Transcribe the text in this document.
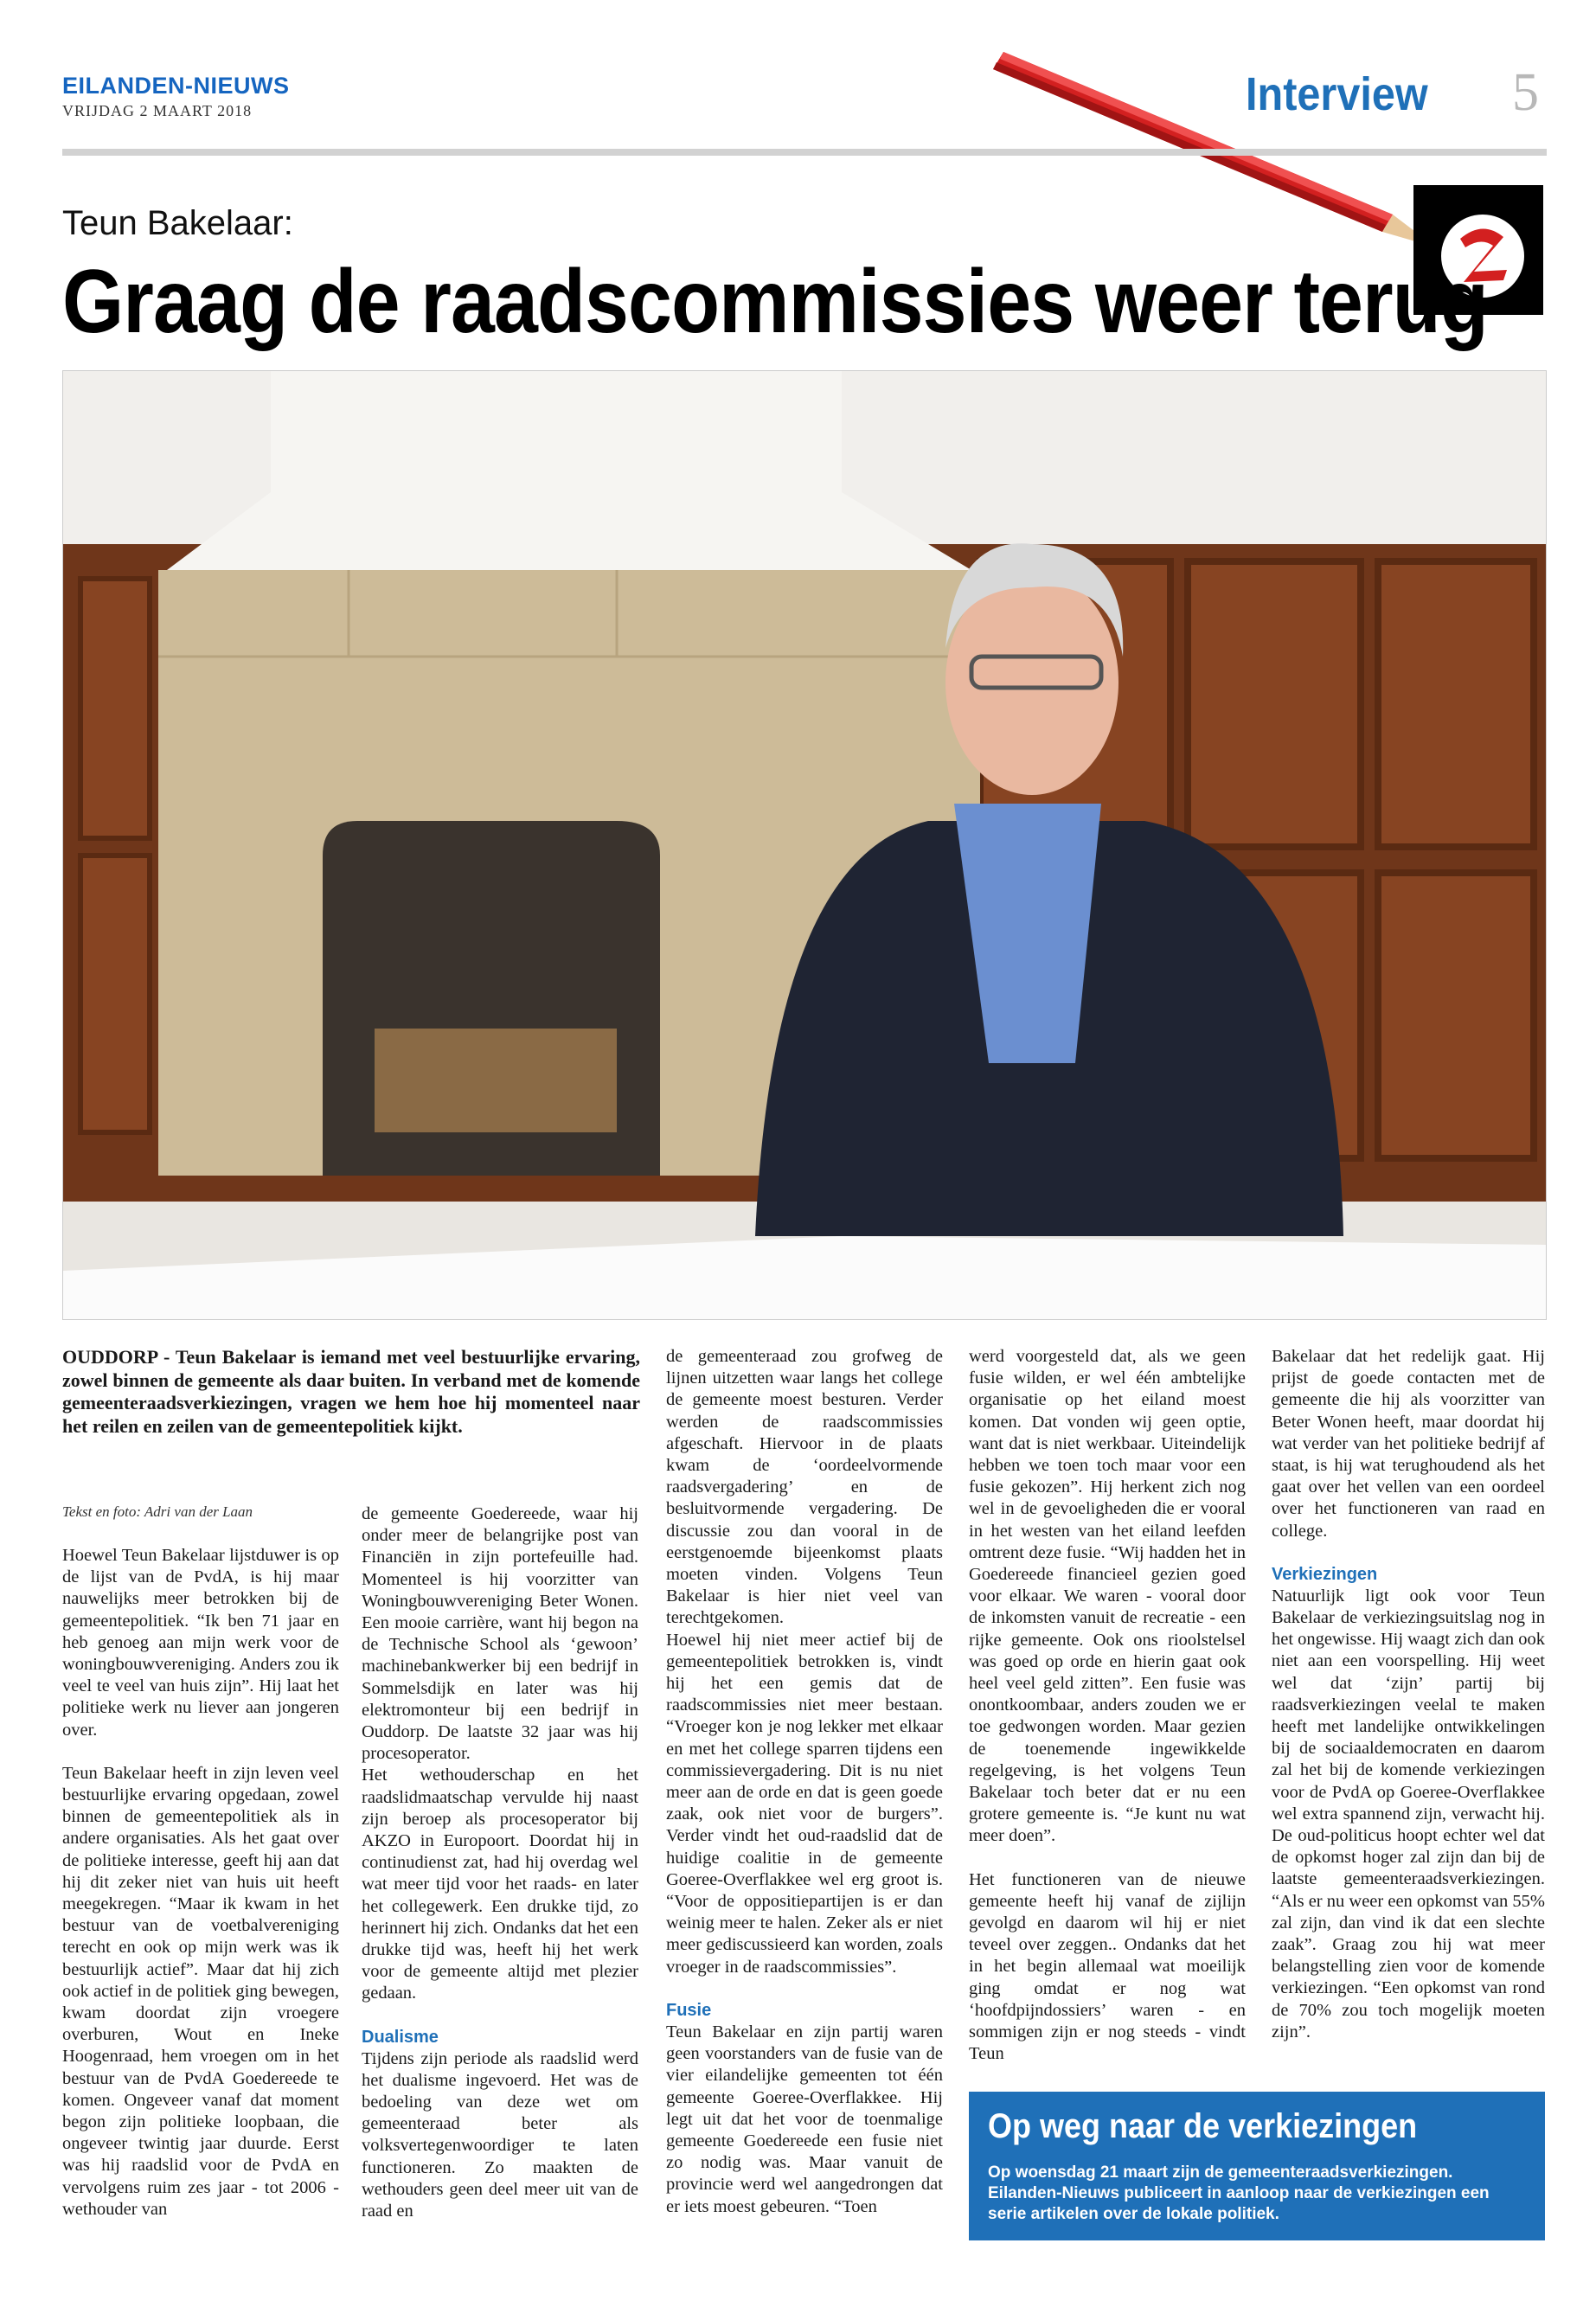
EILANDEN-NIEUWS
VRIJDAG 2 MAART 2018	Interview 5
Teun Bakelaar:
Graag de raadscommissies weer terug
OUDDORP - Teun Bakelaar is iemand met veel bestuurlijke ervaring, zowel binnen de gemeente als daar buiten. In verband met de komende gemeenteraadsverkiezingen, vragen we hem hoe hij momenteel naar het reilen en zeilen van de gemeentepolitiek kijkt.
Tekst en foto: Adri van der Laan

Hoewel Teun Bakelaar lijstduwer is op de lijst van de PvdA, is hij maar nauwelijks meer betrokken bij de gemeentepolitiek. “Ik ben 71 jaar en heb genoeg aan mijn werk voor de woningbouwvereniging. Anders zou ik veel te veel van huis zijn”. Hij laat het politieke werk nu liever aan jongeren over.

Teun Bakelaar heeft in zijn leven veel bestuurlijke ervaring opgedaan, zowel binnen de gemeentepolitiek als in andere organisaties. Als het gaat over de politieke interesse, geeft hij aan dat hij dit zeker niet van huis uit heeft meegekregen. “Maar ik kwam in het bestuur van de voetbalvereniging terecht en ook op mijn werk was ik bestuurlijk actief”. Maar dat hij zich ook actief in de politiek ging bewegen, kwam doordat zijn vroegere overburen, Wout en Ineke Hoogenraad, hem vroegen om in het bestuur van de PvdA Goedereede te komen. Ongeveer vanaf dat moment begon zijn politieke loopbaan, die ongeveer twintig jaar duurde. Eerst was hij raadslid voor de PvdA en vervolgens ruim zes jaar - tot 2006 - wethouder van

de gemeente Goedereede, waar hij onder meer de belangrijke post van Financiën in zijn portefeuille had. Momenteel is hij voorzitter van Woningbouwvereniging Beter Wonen. Een mooie carrière, want hij begon na de Technische School als ‘gewoon’ machinebankwerker bij een bedrijf in Sommelsdijk en later was hij elektromonteur bij een bedrijf in Ouddorp. De laatste 32 jaar was hij procesoperator.

Het wethouderschap en het raadslidmaatschap vervulde hij naast zijn beroep als procesoperator bij AKZO in Europoort. Doordat hij in continudienst zat, had hij overdag wel wat meer tijd voor het raads- en later het collegewerk. Een drukke tijd, zo herinnert hij zich. Ondanks dat het een drukke tijd was, heeft hij het werk voor de gemeente altijd met plezier gedaan.

Dualisme

Tijdens zijn periode als raadslid werd het dualisme ingevoerd. Het was de bedoeling van deze wet om gemeenteraad beter als volksvertegenwoordiger te laten functioneren. Zo maakten de wethouders geen deel meer uit van de raad en

de gemeenteraad zou grofweg de lijnen uitzetten waar langs het college de gemeente moest besturen. Verder werden de raadscommissies afgeschaft. Hiervoor in de plaats kwam de ‘oordeelvormende raadsvergadering’ en de besluitvormende vergadering. De discussie zou dan vooral in de eerstgenoemde bijeenkomst plaats moeten vinden. Volgens Teun Bakelaar is hier niet veel van terechtgekomen.

Hoewel hij niet meer actief bij de gemeentepolitiek betrokken is, vindt hij het een gemis dat de raadscommissies niet meer bestaan. “Vroeger kon je nog lekker met elkaar en met het college sparren tijdens een commissievergadering. Dit is nu niet meer aan de orde en dat is geen goede zaak, ook niet voor de burgers”. Verder vindt het oud-raadslid dat de huidige coalitie in de gemeente Goeree-Overflakkee wel erg groot is. “Voor de oppositiepartijen is er dan weinig meer te halen. Zeker als er niet meer gediscussieerd kan worden, zoals vroeger in de raadscommissies”.

Fusie

Teun Bakelaar en zijn partij waren geen voorstanders van de fusie van de vier eilandelijke gemeenten tot één gemeente Goeree-Overflakkee. Hij legt uit dat het voor de toenmalige gemeente Goedereede een fusie niet zo nodig was. Maar vanuit de provincie werd wel aangedrongen dat er iets moest gebeuren. “Toen

werd voorgesteld dat, als we geen fusie wilden, er wel één ambtelijke organisatie op het eiland moest komen. Dat vonden wij geen optie, want dat is niet werkbaar. Uiteindelijk hebben we toen toch maar voor een fusie gekozen”. Hij herkent zich nog wel in de gevoeligheden die er vooral in het westen van het eiland leefden omtrent deze fusie. “Wij hadden het in Goedereede financieel gezien goed voor elkaar. We waren - vooral door de inkomsten vanuit de recreatie - een rijke gemeente. Ook ons rioolstelsel was goed op orde en hierin gaat ook heel veel geld zitten”. Een fusie was onontkoombaar, anders zouden we er toe gedwongen worden. Maar gezien de toenemende ingewikkelde regelgeving, is het volgens Teun Bakelaar toch beter dat er nu een grotere gemeente is. “Je kunt nu wat meer doen”.

Het functioneren van de nieuwe gemeente heeft hij vanaf de zijlijn gevolgd en daarom wil hij er niet teveel over zeggen.. Ondanks dat het in het begin allemaal wat moeilijk ging omdat er nog wat ‘hoofdpijndossiers’ waren - en sommigen zijn er nog steeds - vindt Teun

Bakelaar dat het redelijk gaat. Hij prijst de goede contacten met de gemeente die hij als voorzitter van Beter Wonen heeft, maar doordat hij wat verder van het politieke bedrijf af staat, is hij wat terughoudend als het gaat over het vellen van een oordeel over het functioneren van raad en college.

Verkiezingen

Natuurlijk ligt ook voor Teun Bakelaar de verkiezingsuitslag nog in het ongewisse. Hij waagt zich dan ook niet aan een voorspelling. Hij weet wel dat ‘zijn’ partij bij raadsverkiezingen veelal te maken heeft met landelijke ontwikkelingen bij de sociaaldemocraten en daarom zal het bij de komende verkiezingen voor de PvdA op Goeree-Overflakkee wel extra spannend zijn, verwacht hij. De oud-politicus hoopt echter wel dat de opkomst hoger zal zijn dan bij de laatste gemeenteraadsverkiezingen. “Als er nu weer een opkomst van 55% zal zijn, dan vind ik dat een slechte zaak”. Graag zou hij wat meer belangstelling zien voor de komende verkiezingen. “Een opkomst van rond de 70% zou toch mogelijk moeten zijn”.

Op weg naar de verkiezingen
Op woensdag 21 maart zijn de gemeenteraadsverkiezingen. Eilanden-Nieuws publiceert in aanloop naar de verkiezingen een serie artikelen over de lokale politiek.
